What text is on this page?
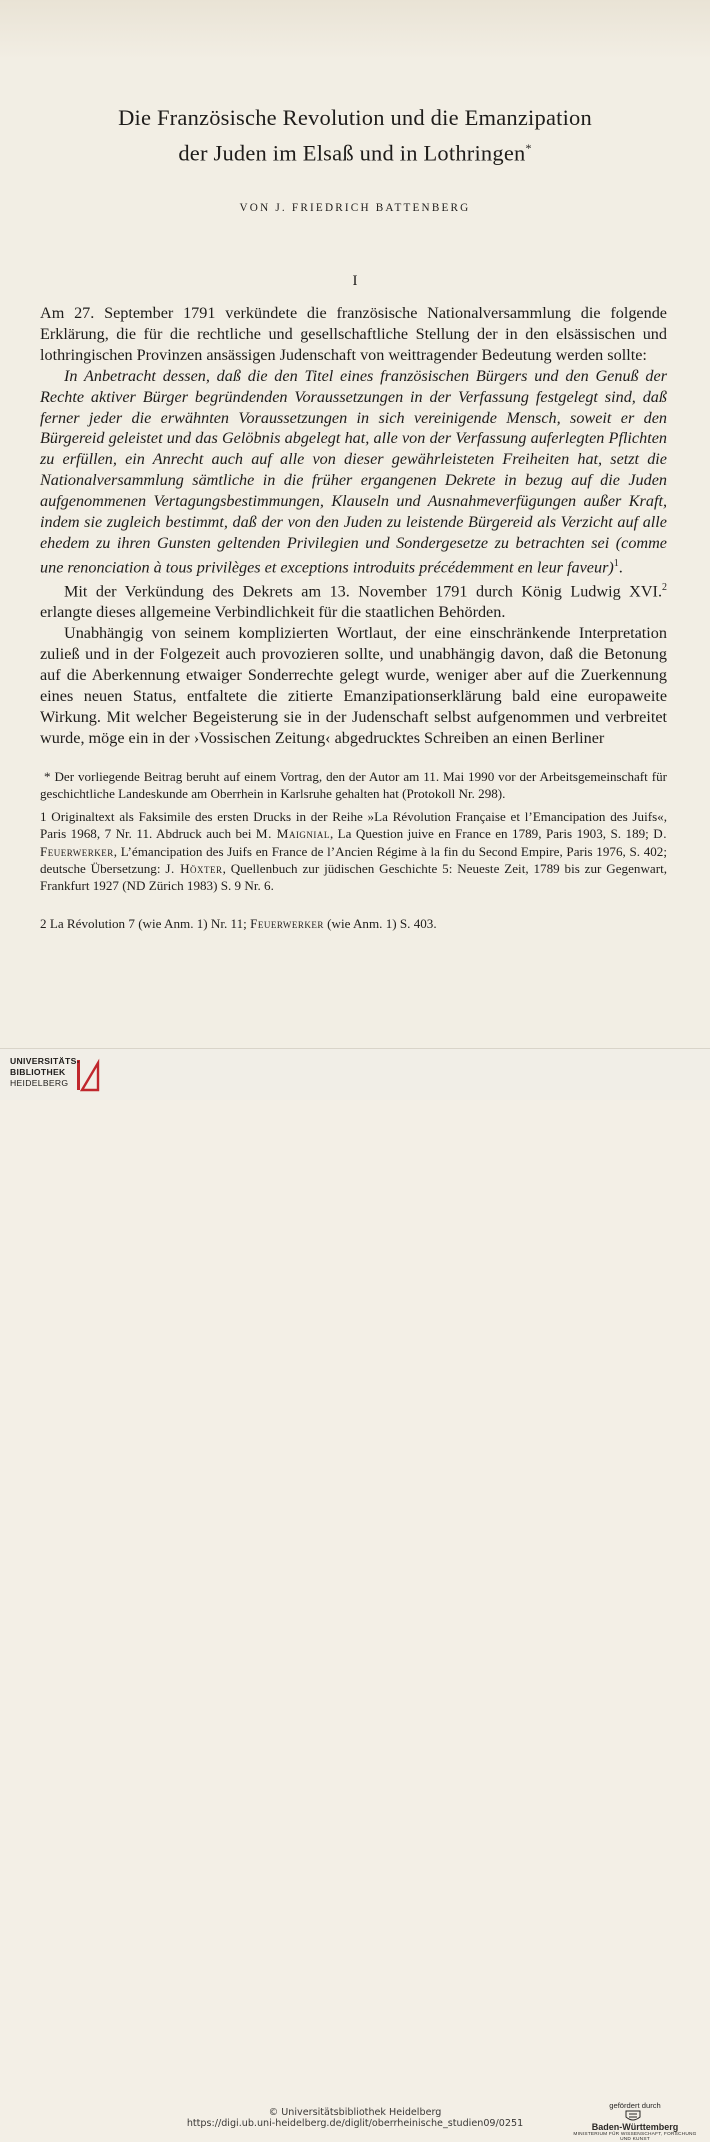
Die Französische Revolution und die Emanzipation
der Juden im Elsaß und in Lothringen*
VON J. FRIEDRICH BATTENBERG
I

Am 27. September 1791 verkündete die französische Nationalversammlung die folgende Erklärung, die für die rechtliche und gesellschaftliche Stellung der in den elsässischen und lothringischen Provinzen ansässigen Judenschaft von weittragender Bedeutung werden sollte:

In Anbetracht dessen, daß die den Titel eines französischen Bürgers und den Genuß der Rechte aktiver Bürger begründenden Voraussetzungen in der Verfassung festgelegt sind, daß ferner jeder die erwähnten Voraussetzungen in sich vereinigende Mensch, soweit er den Bürgereid geleistet und das Gelöbnis abgelegt hat, alle von der Verfassung auferlegten Pflichten zu erfüllen, ein Anrecht auch auf alle von dieser gewährleisteten Freiheiten hat, setzt die Nationalversammlung sämtliche in die früher ergangenen Dekrete in bezug auf die Juden aufgenommenen Vertagungsbestimmungen, Klauseln und Ausnahmeverfügungen außer Kraft, indem sie zugleich bestimmt, daß der von den Juden zu leistende Bürgereid als Verzicht auf alle ehedem zu ihren Gunsten geltenden Privilegien und Sondergesetze zu betrachten sei (comme une renonciation à tous privilèges et exceptions introduits précédemment en leur faveur)$^1$.

Mit der Verkündung des Dekrets am 13. November 1791 durch König Ludwig XVI.$^2$ erlangte dieses allgemeine Verbindlichkeit für die staatlichen Behörden.

Unabhängig von seinem komplizierten Wortlaut, der eine einschränkende Interpretation zuließ und in der Folgezeit auch provozieren sollte, und unabhängig davon, daß die Betonung auf die Aberkennung etwaiger Sonderrechte gelegt wurde, weniger aber auf die Zuerkennung eines neuen Status, entfaltete die zitierte Emanzipationserklärung bald eine europaweite Wirkung. Mit welcher Begeisterung sie in der Judenschaft selbst aufgenommen und verbreitet wurde, möge ein in der ›Vossischen Zeitung‹ abgedrucktes Schreiben an einen Berliner

* Der vorliegende Beitrag beruht auf einem Vortrag, den der Autor am 11. Mai 1990 vor der Arbeitsgemeinschaft für geschichtliche Landeskunde am Oberrhein in Karlsruhe gehalten hat (Protokoll Nr. 298).

1 Originaltext als Faksimile des ersten Drucks in der Reihe »La Révolution Française et l’Emancipation des Juifs«, Paris 1968, 7 Nr. 11. Abdruck auch bei M. Maignial, La Question juive en France en 1789, Paris 1903, S. 189; D. Feuerwerker, L’émancipation des Juifs en France de l’Ancien Régime à la fin du Second Empire, Paris 1976, S. 402; deutsche Übersetzung: J. Höxter, Quellenbuch zur jüdischen Geschichte 5: Neueste Zeit, 1789 bis zur Gegenwart, Frankfurt 1927 (ND Zürich 1983) S. 9 Nr. 6.

2 La Révolution 7 (wie Anm. 1) Nr. 11; Feuerwerker (wie Anm. 1) S. 403.

UNIVERSITÄTS-
BIBLIOTHEK
HEIDELBERG
© Universitätsbibliothek Heidelberg
https://digi.ub.uni-heidelberg.de/diglit/oberrheinische_studien09/0251
gefördert durch
Baden-Württemberg
MINISTERIUM FÜR WISSENSCHAFT, FORSCHUNG UND KUNST
